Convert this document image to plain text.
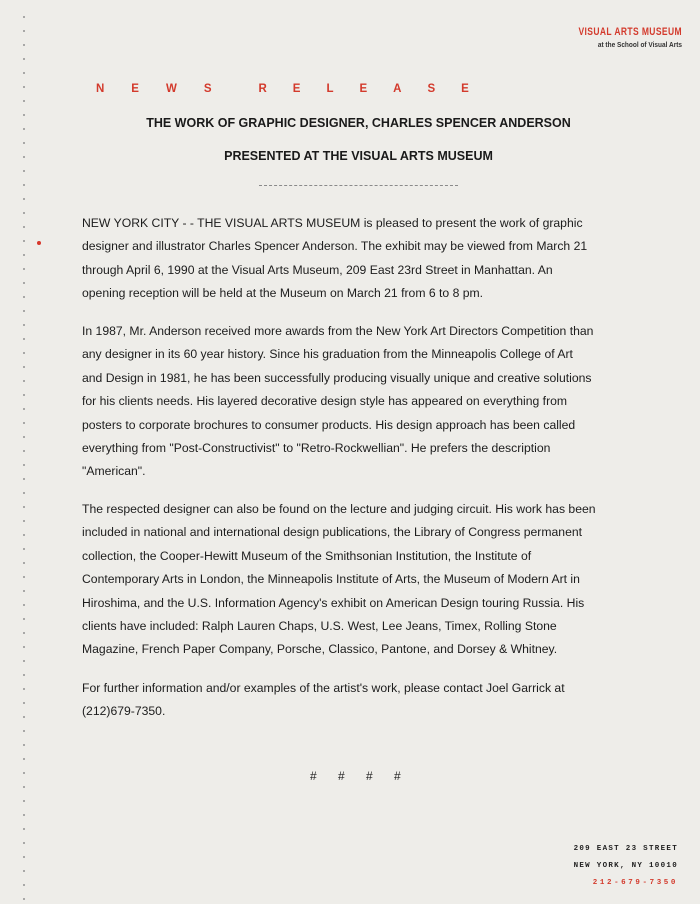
VISUAL ARTS MUSEUM
at the School of Visual Arts
NEWS RELEASE
THE WORK OF GRAPHIC DESIGNER, CHARLES SPENCER ANDERSON
PRESENTED AT THE VISUAL ARTS MUSEUM
NEW YORK CITY - - THE VISUAL ARTS MUSEUM is pleased to present the work of graphic
designer and illustrator Charles Spencer Anderson. The exhibit may be viewed from March 21
through April 6, 1990 at the Visual Arts Museum, 209 East 23rd Street in Manhattan. An
opening reception will be held at the Museum on March 21 from 6 to 8 pm.
In 1987, Mr. Anderson received more awards from the New York Art Directors Competition than
any designer in its 60 year history. Since his graduation from the Minneapolis College of Art
and Design in 1981, he has been successfully producing visually unique and creative solutions
for his clients needs. His layered decorative design style has appeared on everything from
posters to corporate brochures to consumer products. His design approach has been called
everything from "Post-Constructivist" to "Retro-Rockwellian". He prefers the description
"American".
The respected designer can also be found on the lecture and judging circuit. His work has been
included in national and international design publications, the Library of Congress permanent
collection, the Cooper-Hewitt Museum of the Smithsonian Institution, the Institute of
Contemporary Arts in London, the Minneapolis Institute of Arts, the Museum of Modern Art in
Hiroshima, and the U.S. Information Agency's exhibit on American Design touring Russia. His
clients have included: Ralph Lauren Chaps, U.S. West, Lee Jeans, Timex, Rolling Stone
Magazine, French Paper Company, Porsche, Classico, Pantone, and Dorsey & Whitney.
For further information and/or examples of the artist's work, please contact Joel Garrick at
(212)679-7350.
# # # #
209 EAST 23 STREET
NEW YORK, NY 10010
212-679-7350
